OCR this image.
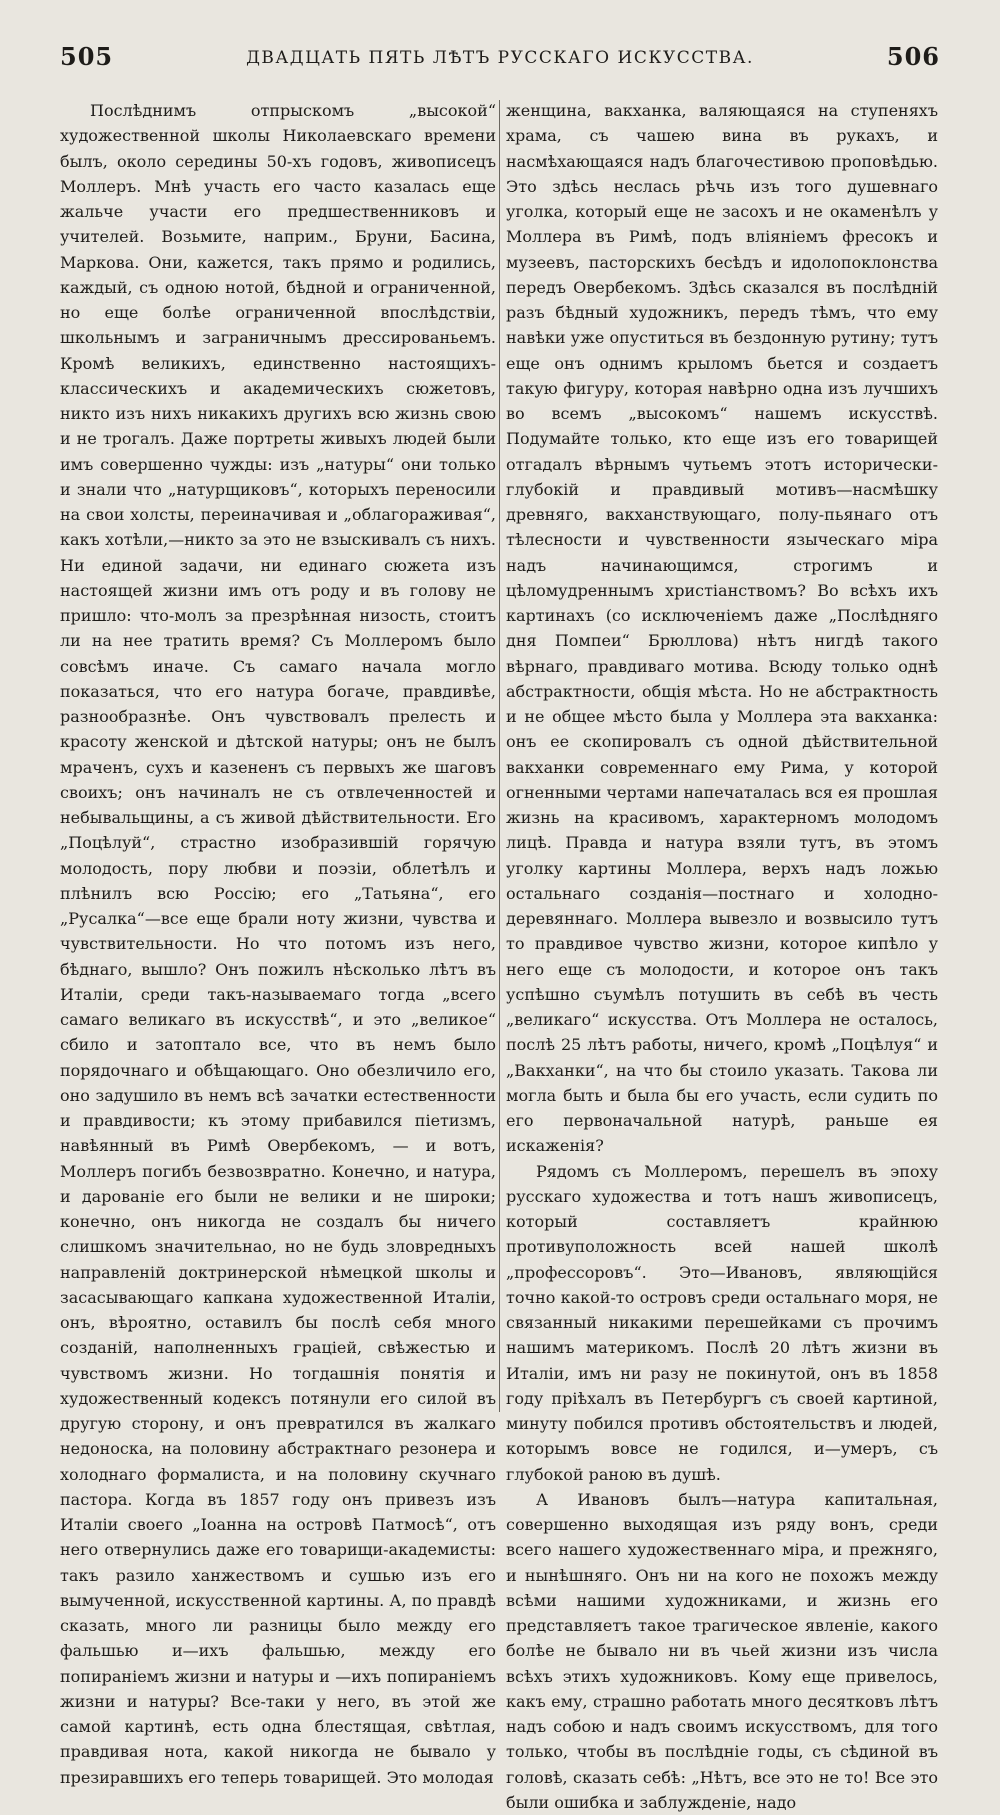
505	ДВАДЦАТЬ ПЯТЬ ЛѢТЪ РУССКАГО ИСКУССТВА.	506

Послѣднимъ отпрыскомъ „высокой“ художественной школы Николаевскаго времени былъ, около середины 50-хъ годовъ, живописецъ Моллеръ. Мнѣ участь его часто казалась еще жальче участи его предшественниковъ и учителей. Возьмите, наприм., Бруни, Басина, Маркова. Они, кажется, такъ прямо и родились, каждый, съ одною нотой, бѣдной и ограниченной, но еще болѣе ограниченной впослѣдствіи, школьнымъ и заграничнымъ дрессированьемъ. Кромѣ великихъ, единственно настоящихъ-классическихъ и академическихъ сюжетовъ, никто изъ нихъ никакихъ другихъ всю жизнь свою и не трогалъ. Даже портреты живыхъ людей были имъ совершенно чужды: изъ „натуры“ они только и знали что „натурщиковъ“, которыхъ переносили на свои холсты, переиначивая и „облагораживая“, какъ хотѣли,—никто за это не взыскивалъ съ нихъ. Ни единой задачи, ни единаго сюжета изъ настоящей жизни имъ отъ роду и въ голову не пришло: что-молъ за презрѣнная низость, стоитъ ли на нее тратить время? Съ Моллеромъ было совсѣмъ иначе. Съ самаго начала могло показаться, что его натура богаче, правдивѣе, разнообразнѣе. Онъ чувствовалъ прелесть и красоту женской и дѣтской натуры; онъ не былъ мраченъ, сухъ и казененъ съ первыхъ же шаговъ своихъ; онъ начиналъ не съ отвлеченностей и небывальщины, а съ живой дѣйствительности. Его „Поцѣлуй“, страстно изобразившій горячую молодость, пору любви и поэзіи, облетѣлъ и плѣнилъ всю Россію; его „Татьяна“, его „Русалка“—все еще брали ноту жизни, чувства и чувствительности. Но что потомъ изъ него, бѣднаго, вышло? Онъ пожилъ нѣсколько лѣтъ въ Италіи, среди такъ-называемаго тогда „всего самаго великаго въ искусствѣ“, и это „великое“ сбило и затоптало все, что въ немъ было порядочнаго и обѣщающаго. Оно обезличило его, оно задушило въ немъ всѣ зачатки естественности и правдивости; къ этому прибавился піетизмъ, навѣянный въ Римѣ Овербекомъ, — и вотъ, Моллеръ погибъ безвозвратно. Конечно, и натура, и дарованіе его были не велики и не широки; конечно, онъ никогда не создалъ бы ничего слишкомъ значительнао, но не будь зловредныхъ направленій доктринерской нѣмецкой школы и засасывающаго капкана художественной Италіи, онъ, вѣроятно, оставилъ бы послѣ себя много созданій, наполненныхъ граціей, свѣжестью и чувствомъ жизни. Но тогдашнія понятія и художественный кодексъ потянули его силой въ другую сторону, и онъ превратился въ жалкаго недоноска, на половину абстрактнаго резонера и холоднаго формалиста, и на половину скучнаго пастора. Когда въ 1857 году онъ привезъ изъ Италіи своего „Іоанна на островѣ Патмосѣ“, отъ него отвернулись даже его товарищи-академисты: такъ разило ханжествомъ и сушью изъ его вымученной, искусственной картины. А, по правдѣ сказать, много ли разницы было между его фальшью и—ихъ фальшью, между его попираніемъ жизни и натуры и —ихъ попираніемъ жизни и натуры? Все-таки у него, въ этой же самой картинѣ, есть одна блестящая, свѣтлая, правдивая нота, какой никогда не бывало у презиравшихъ его теперь товарищей. Это молодая

женщина, вакханка, валяющаяся на ступеняхъ храма, съ чашею вина въ рукахъ, и насмѣхающаяся надъ благочестивою проповѣдью. Это здѣсь неслась рѣчь изъ того душевнаго уголка, который еще не засохъ и не окаменѣлъ у Моллера въ Римѣ, подъ вліяніемъ фресокъ и музеевъ, пасторскихъ бесѣдъ и идолопоклонства передъ Овербекомъ. Здѣсь сказался въ послѣдній разъ бѣдный художникъ, передъ тѣмъ, что ему навѣки уже опуститься въ бездонную рутину; тутъ еще онъ однимъ крыломъ бьется и создаетъ такую фигуру, которая навѣрно одна изъ лучшихъ во всемъ „высокомъ“ нашемъ искусствѣ. Подумайте только, кто еще изъ его товарищей отгадалъ вѣрнымъ чутьемъ этотъ исторически-глубокій и правдивый мотивъ—насмѣшку древняго, вакханствующаго, полу-пьянаго отъ тѣлесности и чувственности языческаго міра надъ начинающимся, строгимъ и цѣломудреннымъ христіанствомъ? Во всѣхъ ихъ картинахъ (со исключеніемъ даже „Послѣдняго дня Помпеи“ Брюллова) нѣтъ нигдѣ такого вѣрнаго, правдиваго мотива. Всюду только однѣ абстрактности, общія мѣста. Но не абстрактность и не общее мѣсто была у Моллера эта вакханка: онъ ее скопировалъ съ одной дѣйствительной вакханки современнаго ему Рима, у которой огненными чертами напечаталась вся ея прошлая жизнь на красивомъ, характерномъ молодомъ лицѣ. Правда и натура взяли тутъ, въ этомъ уголку картины Моллера, верхъ надъ ложью остальнаго созданія—постнаго и холодно-деревяннаго. Моллера вывезло и возвысило тутъ то правдивое чувство жизни, которое кипѣло у него еще съ молодости, и которое онъ такъ успѣшно съумѣлъ потушить въ себѣ въ честь „великаго“ искусства. Отъ Моллера не осталось, послѣ 25 лѣтъ работы, ничего, кромѣ „Поцѣлуя“ и „Вакханки“, на что бы стоило указать. Такова ли могла быть и была бы его участь, если судить по его первоначальной натурѣ, раньше ея искаженія?

Рядомъ съ Моллеромъ, перешелъ въ эпоху русскаго художества и тотъ нашъ живописецъ, который составляетъ крайнюю противуположность всей нашей школѣ „профессоровъ“. Это—Ивановъ, являющійся точно какой-то островъ среди остальнаго моря, не связанный никакими перешейками съ прочимъ нашимъ материкомъ. Послѣ 20 лѣтъ жизни въ Италіи, имъ ни разу не покинутой, онъ въ 1858 году пріѣхалъ въ Петербургъ съ своей картиной, минуту побился противъ обстоятельствъ и людей, которымъ вовсе не годился, и—умеръ, съ глубокой раною въ душѣ.

А Ивановъ былъ—натура капитальная, совершенно выходящая изъ ряду вонъ, среди всего нашего художественнаго міра, и прежняго, и нынѣшняго. Онъ ни на кого не похожъ между всѣми нашими художниками, и жизнь его представляетъ такое трагическое явленіе, какого болѣе не бывало ни въ чьей жизни изъ числа всѣхъ этихъ художниковъ. Кому еще привелось, какъ ему, страшно работать много десятковъ лѣтъ надъ собою и надъ своимъ искусствомъ, для того только, чтобы въ послѣдніе годы, съ сѣдиной въ головѣ, сказать себѣ: „Нѣтъ, все это не то! Все это были ошибка и заблужденіе, надо
